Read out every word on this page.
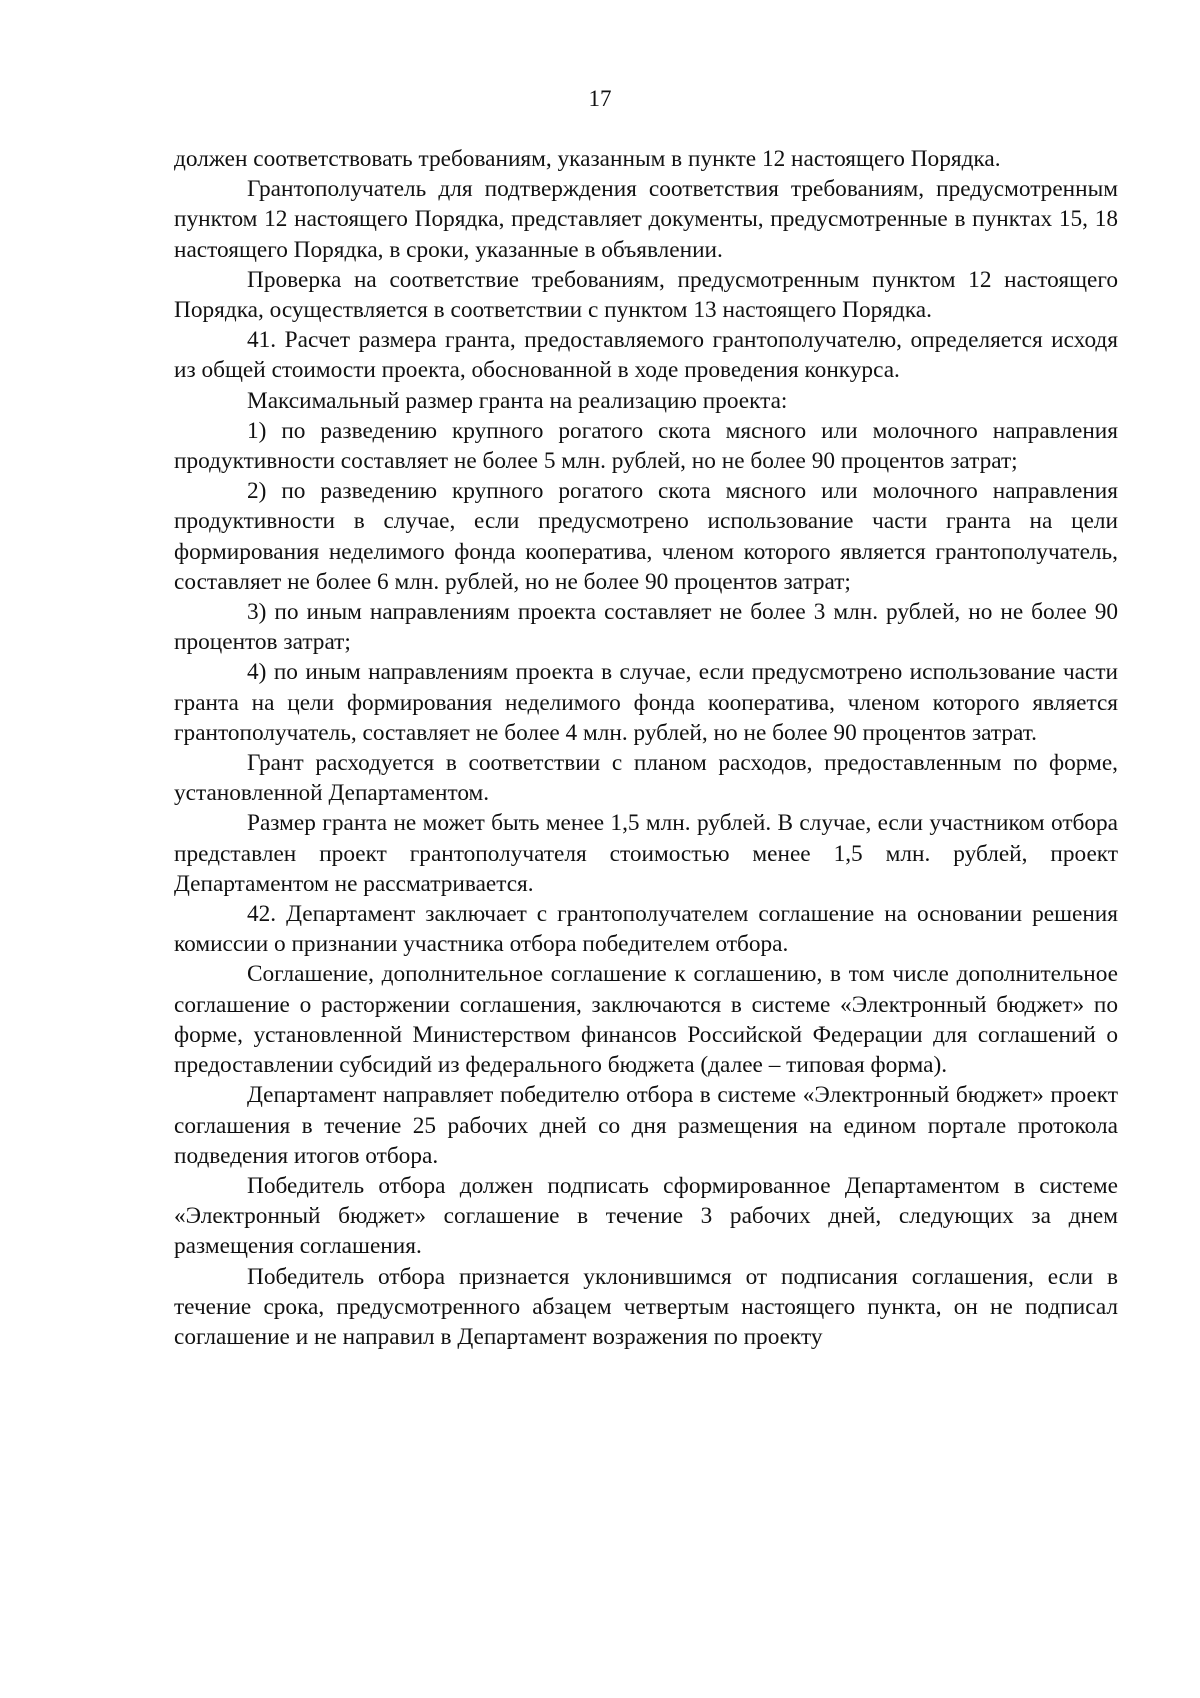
17

должен соответствовать требованиям, указанным в пункте 12 настоящего Порядка.

Грантополучатель для подтверждения соответствия требованиям, предусмотренным пунктом 12 настоящего Порядка, представляет документы, предусмотренные в пунктах 15, 18 настоящего Порядка, в сроки, указанные в объявлении.

Проверка на соответствие требованиям, предусмотренным пунктом 12 настоящего Порядка, осуществляется в соответствии с пунктом 13 настоящего Порядка.

41. Расчет размера гранта, предоставляемого грантополучателю, определяется исходя из общей стоимости проекта, обоснованной в ходе проведения конкурса.

Максимальный размер гранта на реализацию проекта:

1) по разведению крупного рогатого скота мясного или молочного направления продуктивности составляет не более 5 млн. рублей, но не более 90 процентов затрат;

2) по разведению крупного рогатого скота мясного или молочного направления продуктивности в случае, если предусмотрено использование части гранта на цели формирования неделимого фонда кооператива, членом которого является грантополучатель, составляет не более 6 млн. рублей, но не более 90 процентов затрат;

3) по иным направлениям проекта составляет не более 3 млн. рублей, но не более 90 процентов затрат;

4) по иным направлениям проекта в случае, если предусмотрено использование части гранта на цели формирования неделимого фонда кооператива, членом которого является грантополучатель, составляет не более 4 млн. рублей, но не более 90 процентов затрат.

Грант расходуется в соответствии с планом расходов, предоставленным по форме, установленной Департаментом.

Размер гранта не может быть менее 1,5 млн. рублей. В случае, если участником отбора представлен проект грантополучателя стоимостью менее 1,5 млн. рублей, проект Департаментом не рассматривается.

42. Департамент заключает с грантополучателем соглашение на основании решения комиссии о признании участника отбора победителем отбора.

Соглашение, дополнительное соглашение к соглашению, в том числе дополнительное соглашение о расторжении соглашения, заключаются в системе «Электронный бюджет» по форме, установленной Министерством финансов Российской Федерации для соглашений о предоставлении субсидий из федерального бюджета (далее – типовая форма).

Департамент направляет победителю отбора в системе «Электронный бюджет» проект соглашения в течение 25 рабочих дней со дня размещения на едином портале протокола подведения итогов отбора.

Победитель отбора должен подписать сформированное Департаментом в системе «Электронный бюджет» соглашение в течение 3 рабочих дней, следующих за днем размещения соглашения.

Победитель отбора признается уклонившимся от подписания соглашения, если в течение срока, предусмотренного абзацем четвертым настоящего пункта, он не подписал соглашение и не направил в Департамент возражения по проекту
